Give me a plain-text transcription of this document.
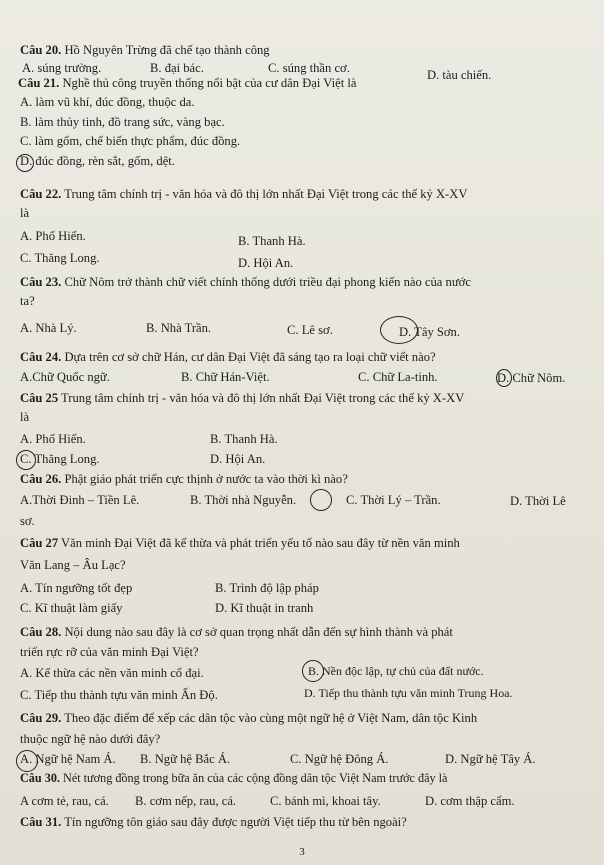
Câu 20. Hồ Nguyên Trừng đã chế tạo thành công
A. súng trường.	B. đại bác.	C. súng thần cơ.	D. tàu chiến.
Câu 21. Nghề thủ công truyền thống nổi bật của cư dân Đại Việt là
A. làm vũ khí, đúc đồng, thuộc da.
B. làm thủy tinh, đồ trang sức, vàng bạc.
C. làm gốm, chế biến thực phẩm, đúc đồng.
D. đúc đồng, rèn sắt, gốm, dệt.
Câu 22. Trung tâm chính trị - văn hóa và đô thị lớn nhất Đại Việt trong các thế kỷ X-XV
là
A. Phố Hiến.	B. Thanh Hà.
C. Thăng Long.	D. Hội An.
Câu 23. Chữ Nôm trở thành chữ viết chính thống dưới triều đại phong kiến nào của nước
ta?
A. Nhà Lý.	B. Nhà Trần.	C. Lê sơ.	D. Tây Sơn.
Câu 24. Dựa trên cơ sở chữ Hán, cư dân Đại Việt đã sáng tạo ra loại chữ viết nào?
A.Chữ Quốc ngữ.	B. Chữ Hán-Việt.	C. Chữ La-tinh.	D. Chữ Nôm.
Câu 25 Trung tâm chính trị - văn hóa và đô thị lớn nhất Đại Việt trong các thế kỷ X-XV
là
A. Phố Hiến.	B. Thanh Hà.
C. Thăng Long.	D. Hội An.
Câu 26. Phật giáo phát triển cực thịnh ở nước ta vào thời kì nào?
A.Thời Đinh – Tiền Lê.	B. Thời nhà Nguyễn.	C. Thời Lý – Trần.	D. Thời Lê
sơ.
Câu 27 Văn minh Đại Việt đã kế thừa và phát triển yếu tố nào sau đây từ nền văn minh
Văn Lang – Âu Lạc?
A. Tín ngưỡng tốt đẹp	B. Trình độ lập pháp
C. Kĩ thuật làm giấy	D. Kĩ thuật in tranh
Câu 28. Nội dung nào sau đây là cơ sở quan trọng nhất dẫn đến sự hình thành và phát
triển rực rỡ của văn minh Đại Việt?
A. Kế thừa các nền văn minh cổ đại.	B. Nền độc lập, tự chủ của đất nước.
C. Tiếp thu thành tựu văn minh Ấn Độ.	D. Tiếp thu thành tựu văn minh Trung Hoa.
Câu 29. Theo đặc điểm để xếp các dân tộc vào cùng một ngữ hệ ở Việt Nam, dân tộc Kinh
thuộc ngữ hệ nào dưới đây?
A. Ngữ hệ Nam Á. B. Ngữ hệ Bắc Á.	C. Ngữ hệ Đông Á.	D. Ngữ hệ Tây Á.
Câu 30. Nét tương đồng trong bữa ăn của các cộng đồng dân tộc Việt Nam trước đây là
A cơm tẻ, rau, cá. B. cơm nếp, rau, cá.	C. bánh mì, khoai tây.	D. cơm thập cẩm.
Câu 31. Tín ngưỡng tôn giáo sau đây được người Việt tiếp thu từ bên ngoài?
3
